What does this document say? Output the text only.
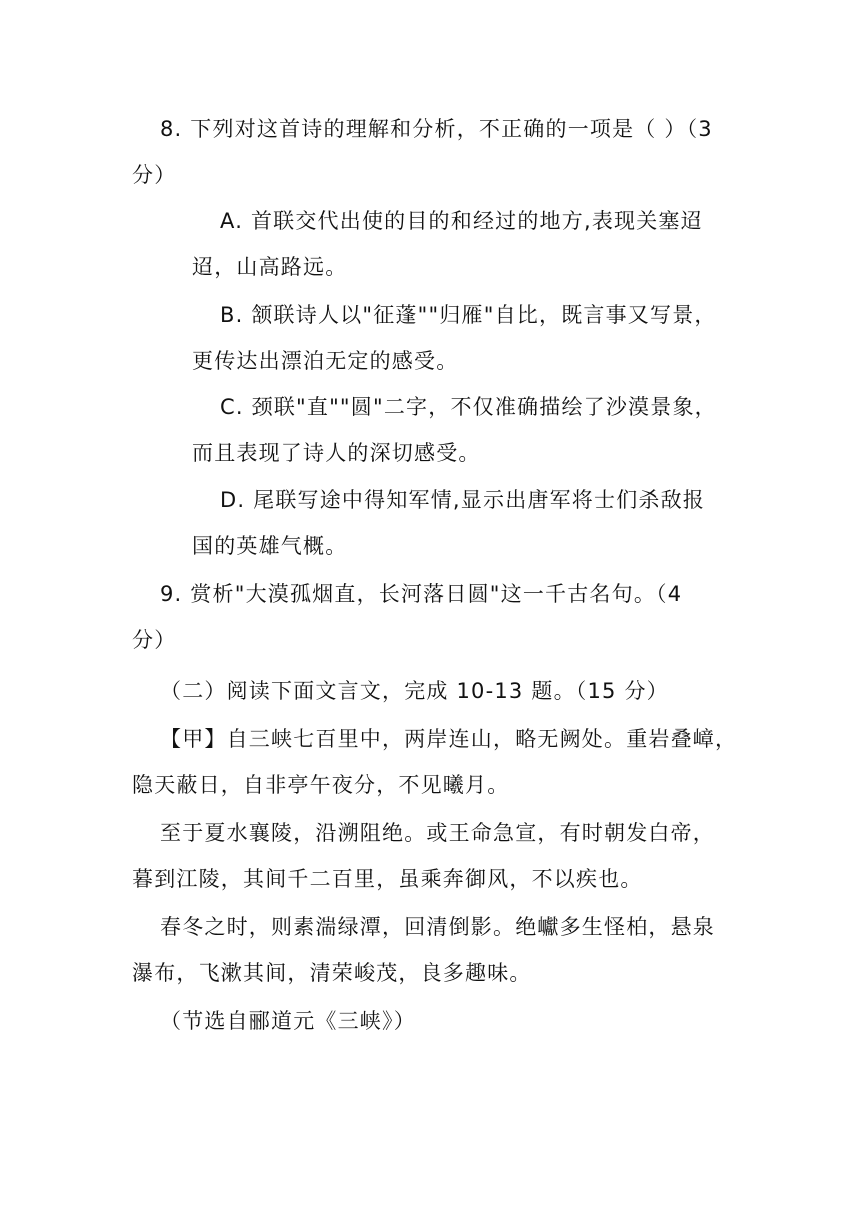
8. 下列对这首诗的理解和分析，不正确的一项是（ ）（3
分）
A. 首联交代出使的目的和经过的地方,表现关塞迢
迢，山高路远。
B. 颔联诗人以"征蓬""归雁"自比，既言事又写景，
更传达出漂泊无定的感受。
C. 颈联"直""圆"二字，不仅准确描绘了沙漠景象，
而且表现了诗人的深切感受。
D. 尾联写途中得知军情,显示出唐军将士们杀敌报
国的英雄气概。
9. 赏析"大漠孤烟直，长河落日圆"这一千古名句。（4
分）
（二）阅读下面文言文，完成 10-13 题。（15 分）
【甲】自三峡七百里中，两岸连山，略无阙处。重岩叠嶂，
隐天蔽日，自非亭午夜分，不见曦月。
至于夏水襄陵，沿溯阻绝。或王命急宣，有时朝发白帝，
暮到江陵，其间千二百里，虽乘奔御风，不以疾也。
春冬之时，则素湍绿潭，回清倒影。绝巘多生怪柏，悬泉
瀑布，飞漱其间，清荣峻茂，良多趣味。
（节选自郦道元《三峡》）
